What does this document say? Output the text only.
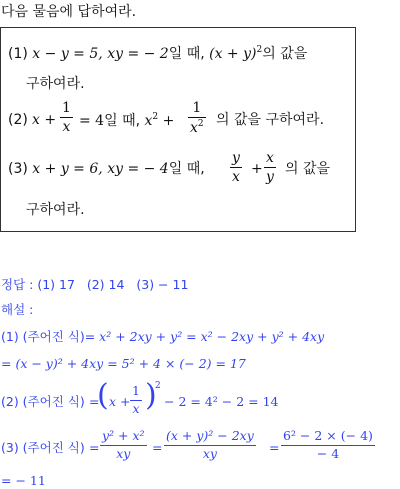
다음 물음에 답하여라.
(1) x − y = 5, xy = − 2일 때, $(x + y)^2$의 값을
구하여라.
(2) $x + \frac{1}{x} = 4$일 때, $x^2 + \frac{1}{x^2}$ 의 값을 구하여라.
(3) x + y = 6, xy = − 4일 때, $\frac{y}{x} + \frac{x}{y}$ 의 값을
구하여라.
정답 : (1) 17 (2) 14 (3) − 11
해설 :
(1) (주어진 식)= x² + 2xy + y² = x² − 2xy + y² + 4xy
= (x − y)² + 4xy = 5² + 4 × (− 2) = 17
(2) (주어진 식) =
( $x + \frac{1}{x}$ )
2
− 2 = 4² − 2 = 14
(3) (주어진 식) = $\frac{\text{y² + x²}}{xy} = \frac{\text{(x + y)² − 2xy}}{xy} = \frac{\text{6² − 2 × (− 4)}}{- 4}$
= − 11
